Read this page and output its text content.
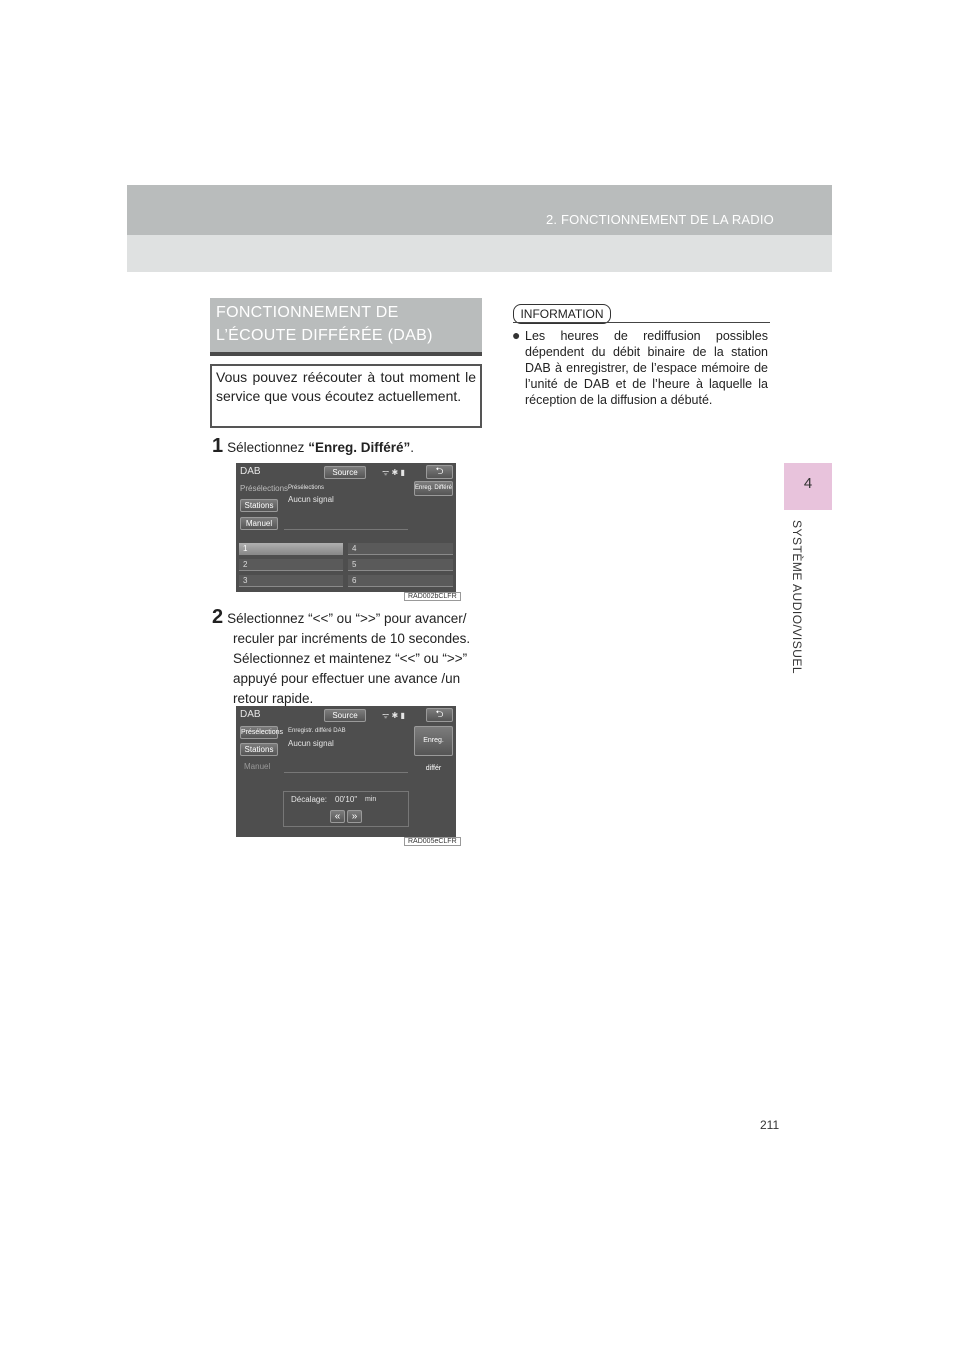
2. FONCTIONNEMENT DE LA RADIO
4
SYSTÈME AUDIO/VISUEL
FONCTIONNEMENT DE
L’ÉCOUTE DIFFÉRÉE (DAB)
Vous pouvez réécouter à tout moment le service que vous écoutez actuellement.
1 Sélectionnez “Enreg. Différé”.
DAB	Source	ᯤ ✱ ▮	⮌
Présélections
Stations
Manuel
Présélections
Aucun signal
Enreg. Différé
1
2
3
4
5
6
RAD002bCLFR
2 Sélectionnez “<<” ou “>>” pour avancer/
reculer par incréments de 10 secondes.
Sélectionnez et maintenez “<<” ou “>>”
appuyé pour effectuer une avance /un
retour rapide.
DAB	Source	ᯤ ✱ ▮	⮌
Présélections
Stations
Manuel
Enregistr. différé DAB
Aucun signal	Enreg. différ
Décalage: 00'10" min
«	»
RAD005eCLFR
INFORMATION
● Les heures de rediffusion possibles dépendent du débit binaire de la station DAB à enregistrer, de l’espace mémoire de l’unité de DAB et de l’heure à laquelle la réception de la diffusion a débuté.
211
